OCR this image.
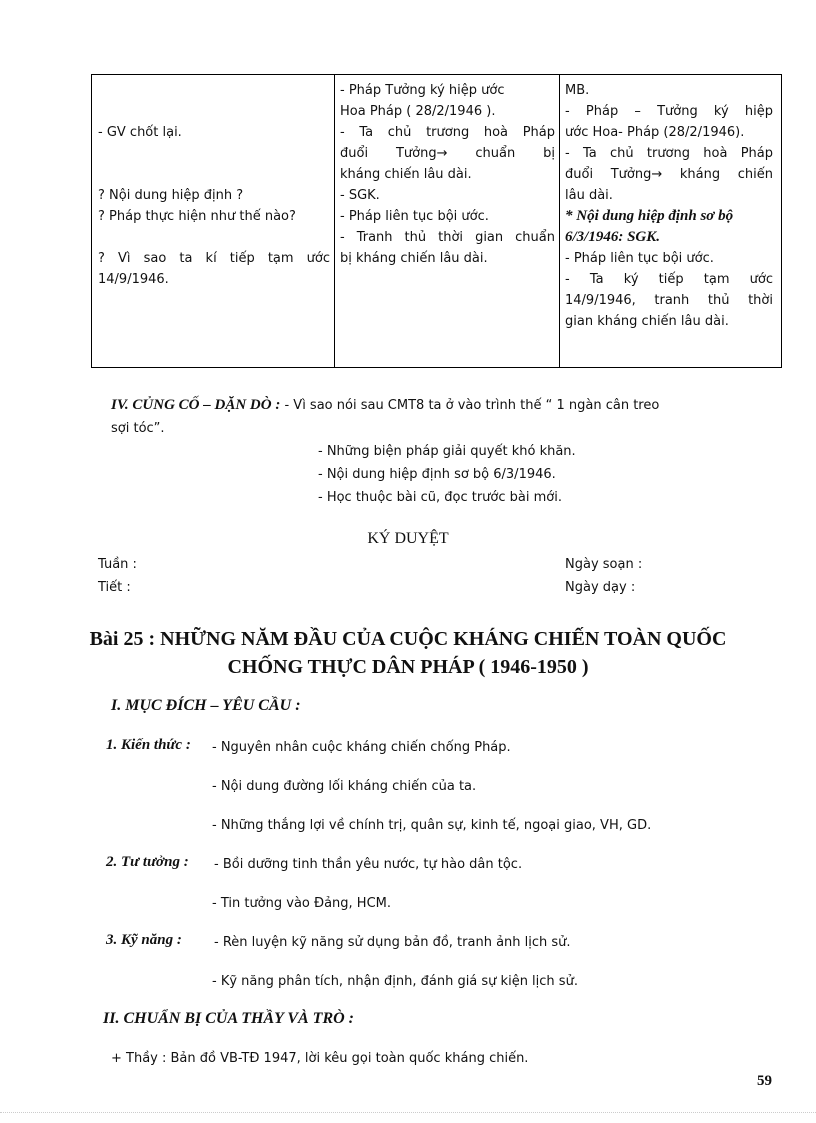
- GV chốt lại.
? Nội dung hiệp định ?
? Pháp thực hiện như thế nào?
? Vì sao ta kí tiếp tạm ước
14/9/1946.
- Pháp Tưởng ký hiệp ước
Hoa Pháp ( 28/2/1946 ).
- Ta chủ trương hoà Pháp
đuổi Tưởng→ chuẩn bị
kháng chiến lâu dài.
- SGK.
- Pháp liên tục bội ước.
- Tranh thủ thời gian chuẩn
bị kháng chiến lâu dài.
MB.
- Pháp – Tưởng ký hiệp
ước Hoa- Pháp (28/2/1946).
- Ta chủ trương hoà Pháp
đuổi Tưởng→ kháng chiến
lâu dài.
* Nội dung hiệp định sơ bộ
6/3/1946: SGK.
- Pháp liên tục bội ước.
- Ta ký tiếp tạm ước
14/9/1946, tranh thủ thời
gian kháng chiến lâu dài.
IV. CỦNG CỐ – DẶN DÒ : - Vì sao nói sau CMT8 ta ở vào trình thế “ 1 ngàn cân treo
sợi tóc”.
- Những biện pháp giải quyết khó khăn.
- Nội dung hiệp định sơ bộ 6/3/1946.
- Học thuộc bài cũ, đọc trước bài mới.
KÝ DUYỆT
Tuần :
Tiết :
Ngày soạn :
Ngày dạy :
Bài 25 : NHỮNG NĂM ĐẦU CỦA CUỘC KHÁNG CHIẾN TOÀN QUỐC
CHỐNG THỰC DÂN PHÁP ( 1946-1950 )
I. MỤC ĐÍCH – YÊU CẦU :
1. Kiến thức : - Nguyên nhân cuộc kháng chiến chống Pháp.
- Nội dung đường lối kháng chiến của ta.
- Những thắng lợi về chính trị, quân sự, kinh tế, ngoại giao, VH, GD.
2. Tư tưởng : - Bồi dưỡng tinh thần yêu nước, tự hào dân tộc.
- Tin tưởng vào Đảng, HCM.
3. Kỹ năng : - Rèn luyện kỹ năng sử dụng bản đồ, tranh ảnh lịch sử.
- Kỹ năng phân tích, nhận định, đánh giá sự kiện lịch sử.
II. CHUẨN BỊ CỦA THẦY VÀ TRÒ :
+ Thầy : Bản đồ VB-TĐ 1947, lời kêu gọi toàn quốc kháng chiến.
59
